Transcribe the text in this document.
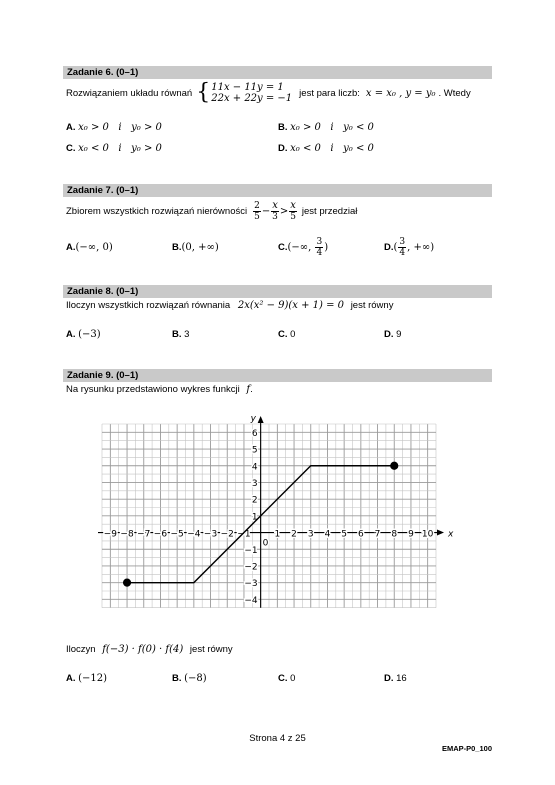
Zadanie 6. (0–1)
Rozwiązaniem układu równań { 11x − 11y = 1
22x + 22y = −1 jest para liczb: x = x₀ , y = y₀ . Wtedy
A. x₀ > 0   i   y₀ > 0	B. x₀ > 0   i   y₀ < 0
C. x₀ < 0   i   y₀ > 0	D. x₀ < 0   i   y₀ < 0
Zadanie 7. (0–1)
Zbiorem wszystkich rozwiązań nierówności $\frac{2}{5} - \frac{x}{3} > \frac{x}{5}$ jest przedział
A. (−∞, 0)	B. (0, +∞)	C. (−∞, $\frac{3}{4}$ )	D. ( $\frac{3}{4}$ , +∞)
Zadanie 8. (0–1)
Iloczyn wszystkich rozwiązań równania 2x(x² − 9)(x + 1) = 0 jest równy
A. (−3)	B. 3	C. 0	D. 9
Zadanie 9. (0–1)
Na rysunku przedstawiono wykres funkcji f.
x
y
−9 −8 −7 −6 −5 −4 −3 −2 −1
0
1 2 3 4 5 6 7 8 9 10
−4
−3
−2
−1
1
2
3
4
5
6
Iloczyn f(−3) · f(0) · f(4) jest równy
A. (−12)	B. (−8)	C. 0	D. 16
Strona 4 z 25
EMAP-P0_100
